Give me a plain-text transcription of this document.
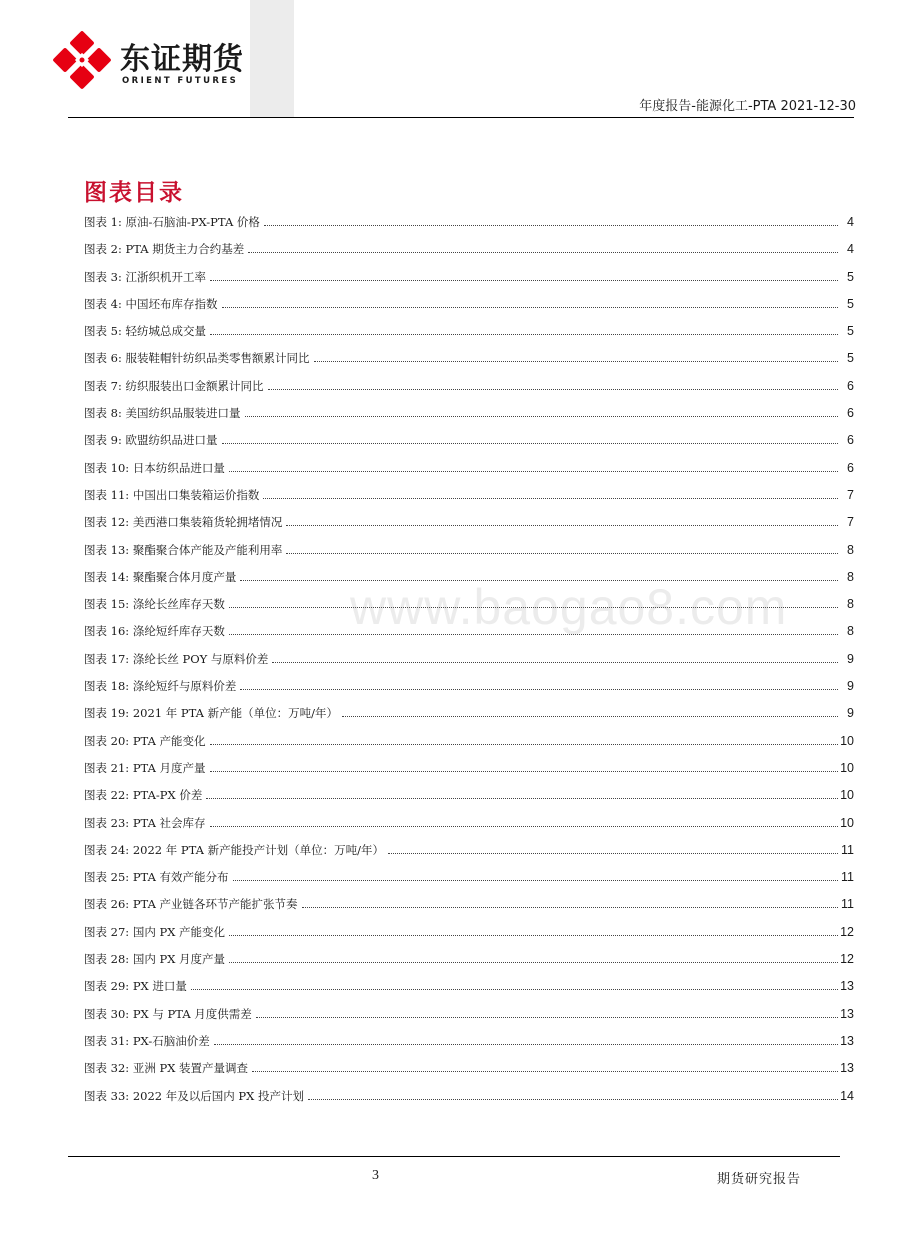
东证期货
ORIENT FUTURES
年度报告-能源化工-PTA 2021-12-30
图表目录
图表 1: 原油-石脑油-PX-PTA 价格	4
图表 2: PTA 期货主力合约基差	4
图表 3: 江浙织机开工率	5
图表 4: 中国坯布库存指数	5
图表 5: 轻纺城总成交量	5
图表 6: 服装鞋帽针纺织品类零售额累计同比	5
图表 7: 纺织服装出口金额累计同比	6
图表 8: 美国纺织品服装进口量	6
图表 9: 欧盟纺织品进口量	6
图表 10: 日本纺织品进口量	6
图表 11: 中国出口集装箱运价指数	7
图表 12: 美西港口集装箱货轮拥堵情况	7
图表 13: 聚酯聚合体产能及产能利用率	8
图表 14: 聚酯聚合体月度产量	8
图表 15: 涤纶长丝库存天数	8
图表 16: 涤纶短纤库存天数	8
图表 17: 涤纶长丝 POY 与原料价差	9
图表 18: 涤纶短纤与原料价差	9
图表 19: 2021 年 PTA 新产能（单位：万吨/年）	9
图表 20: PTA 产能变化	10
图表 21: PTA 月度产量	10
图表 22: PTA-PX 价差	10
图表 23: PTA 社会库存	10
图表 24: 2022 年 PTA 新产能投产计划（单位：万吨/年）	11
图表 25: PTA 有效产能分布	11
图表 26: PTA 产业链各环节产能扩张节奏	11
图表 27: 国内 PX 产能变化	12
图表 28: 国内 PX 月度产量	12
图表 29: PX 进口量	13
图表 30: PX 与 PTA 月度供需差	13
图表 31: PX-石脑油价差	13
图表 32: 亚洲 PX 装置产量调查	13
图表 33: 2022 年及以后国内 PX 投产计划	14
www.baogao8.com
3	期货研究报告
